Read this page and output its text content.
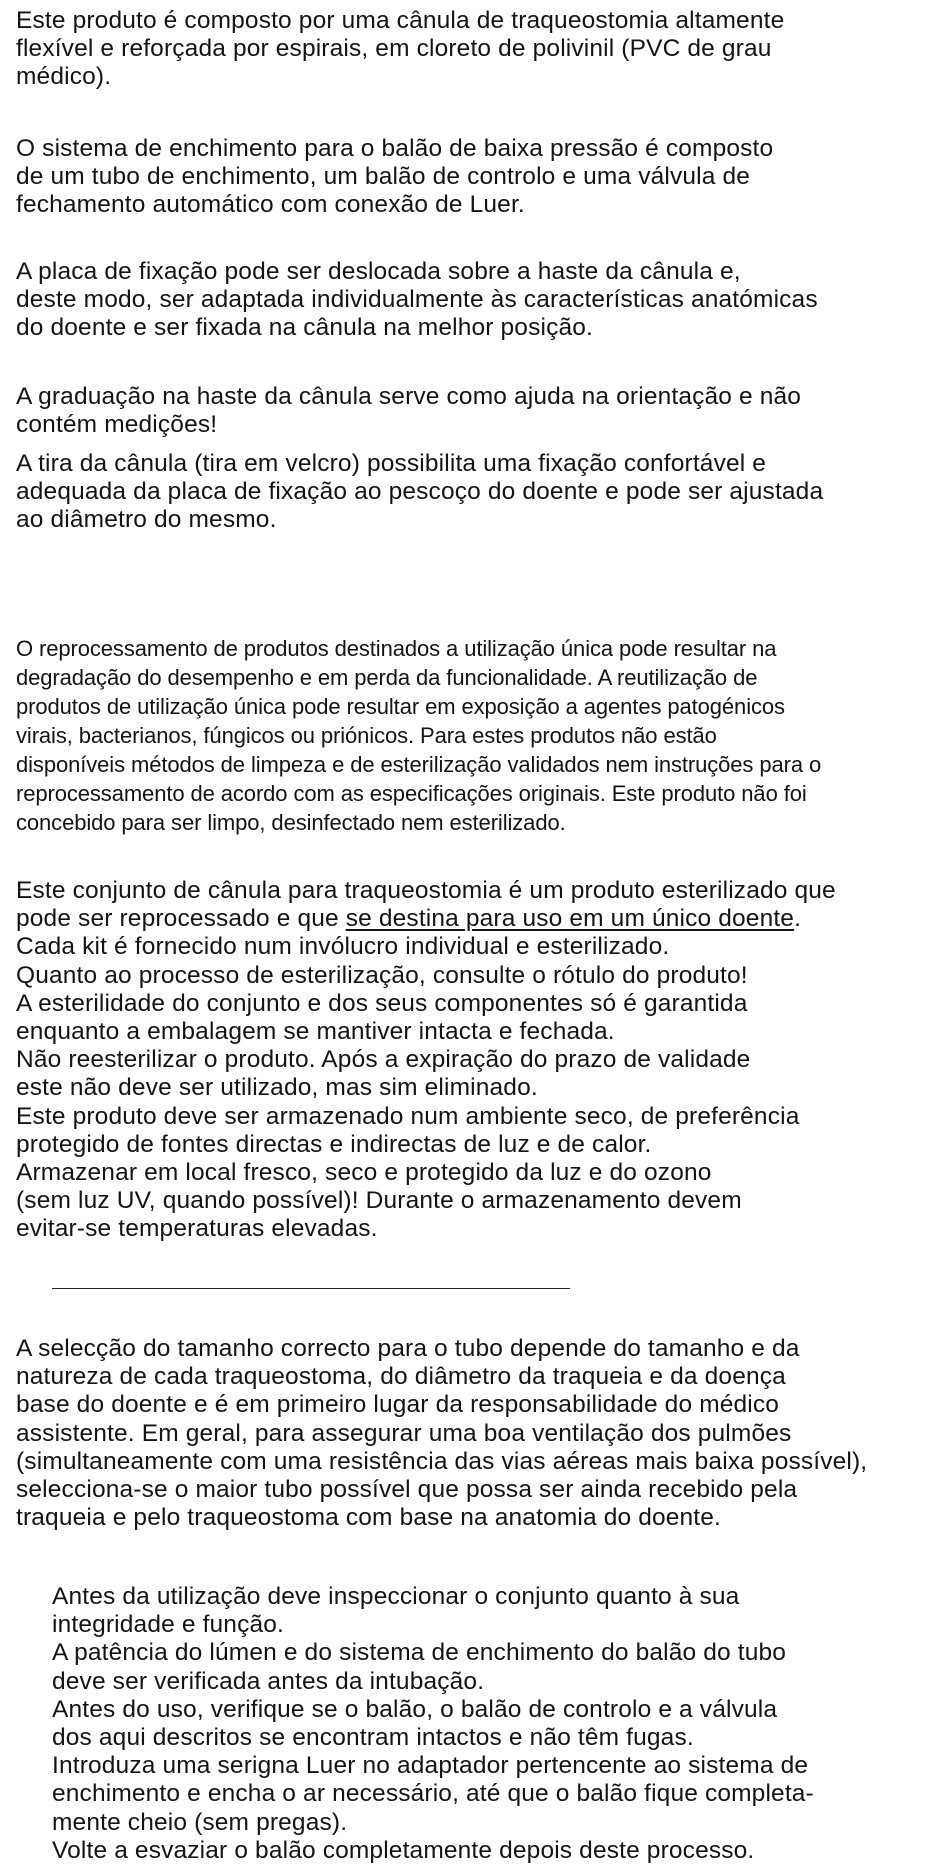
Este produto é composto por uma cânula de traqueostomia altamente
flexível e reforçada por espirais, em cloreto de polivinil (PVC de grau
médico).
O sistema de enchimento para o balão de baixa pressão é composto
de um tubo de enchimento, um balão de controlo e uma válvula de
fechamento automático com conexão de Luer.
A placa de fixação pode ser deslocada sobre a haste da cânula e,
deste modo, ser adaptada individualmente às características anatómicas
do doente e ser fixada na cânula na melhor posição.
A graduação na haste da cânula serve como ajuda na orientação e não
contém medições!
A tira da cânula (tira em velcro) possibilita uma fixação confortável e
adequada da placa de fixação ao pescoço do doente e pode ser ajustada
ao diâmetro do mesmo.
O reprocessamento de produtos destinados a utilização única pode resultar na
degradação do desempenho e em perda da funcionalidade. A reutilização de
produtos de utilização única pode resultar em exposição a agentes patogénicos
virais, bacterianos, fúngicos ou priónicos. Para estes produtos não estão
disponíveis métodos de limpeza e de esterilização validados nem instruções para o
reprocessamento de acordo com as especificações originais. Este produto não foi
concebido para ser limpo, desinfectado nem esterilizado.
Este conjunto de cânula para traqueostomia é um produto esterilizado que
pode ser reprocessado e que se destina para uso em um único doente.
Cada kit é fornecido num invólucro individual e esterilizado.
Quanto ao processo de esterilização, consulte o rótulo do produto!
A esterilidade do conjunto e dos seus componentes só é garantida
enquanto a embalagem se mantiver intacta e fechada.
Não reesterilizar o produto. Após a expiração do prazo de validade
este não deve ser utilizado, mas sim eliminado.
Este produto deve ser armazenado num ambiente seco, de preferência
protegido de fontes directas e indirectas de luz e de calor.
Armazenar em local fresco, seco e protegido da luz e do ozono
(sem luz UV, quando possível)! Durante o armazenamento devem
evitar-se temperaturas elevadas.
A selecção do tamanho correcto para o tubo depende do tamanho e da
natureza de cada traqueostoma, do diâmetro da traqueia e da doença
base do doente e é em primeiro lugar da responsabilidade do médico
assistente. Em geral, para assegurar uma boa ventilação dos pulmões
(simultaneamente com uma resistência das vias aéreas mais baixa possível),
selecciona-se o maior tubo possível que possa ser ainda recebido pela
traqueia e pelo traqueostoma com base na anatomia do doente.
Antes da utilização deve inspeccionar o conjunto quanto à sua
integridade e função.
A patência do lúmen e do sistema de enchimento do balão do tubo
deve ser verificada antes da intubação.
Antes do uso, verifique se o balão, o balão de controlo e a válvula
dos aqui descritos se encontram intactos e não têm fugas.
Introduza uma serigna Luer no adaptador pertencente ao sistema de
enchimento e encha o ar necessário, até que o balão fique completa-
mente cheio (sem pregas).
Volte a esvaziar o balão completamente depois deste processo.
